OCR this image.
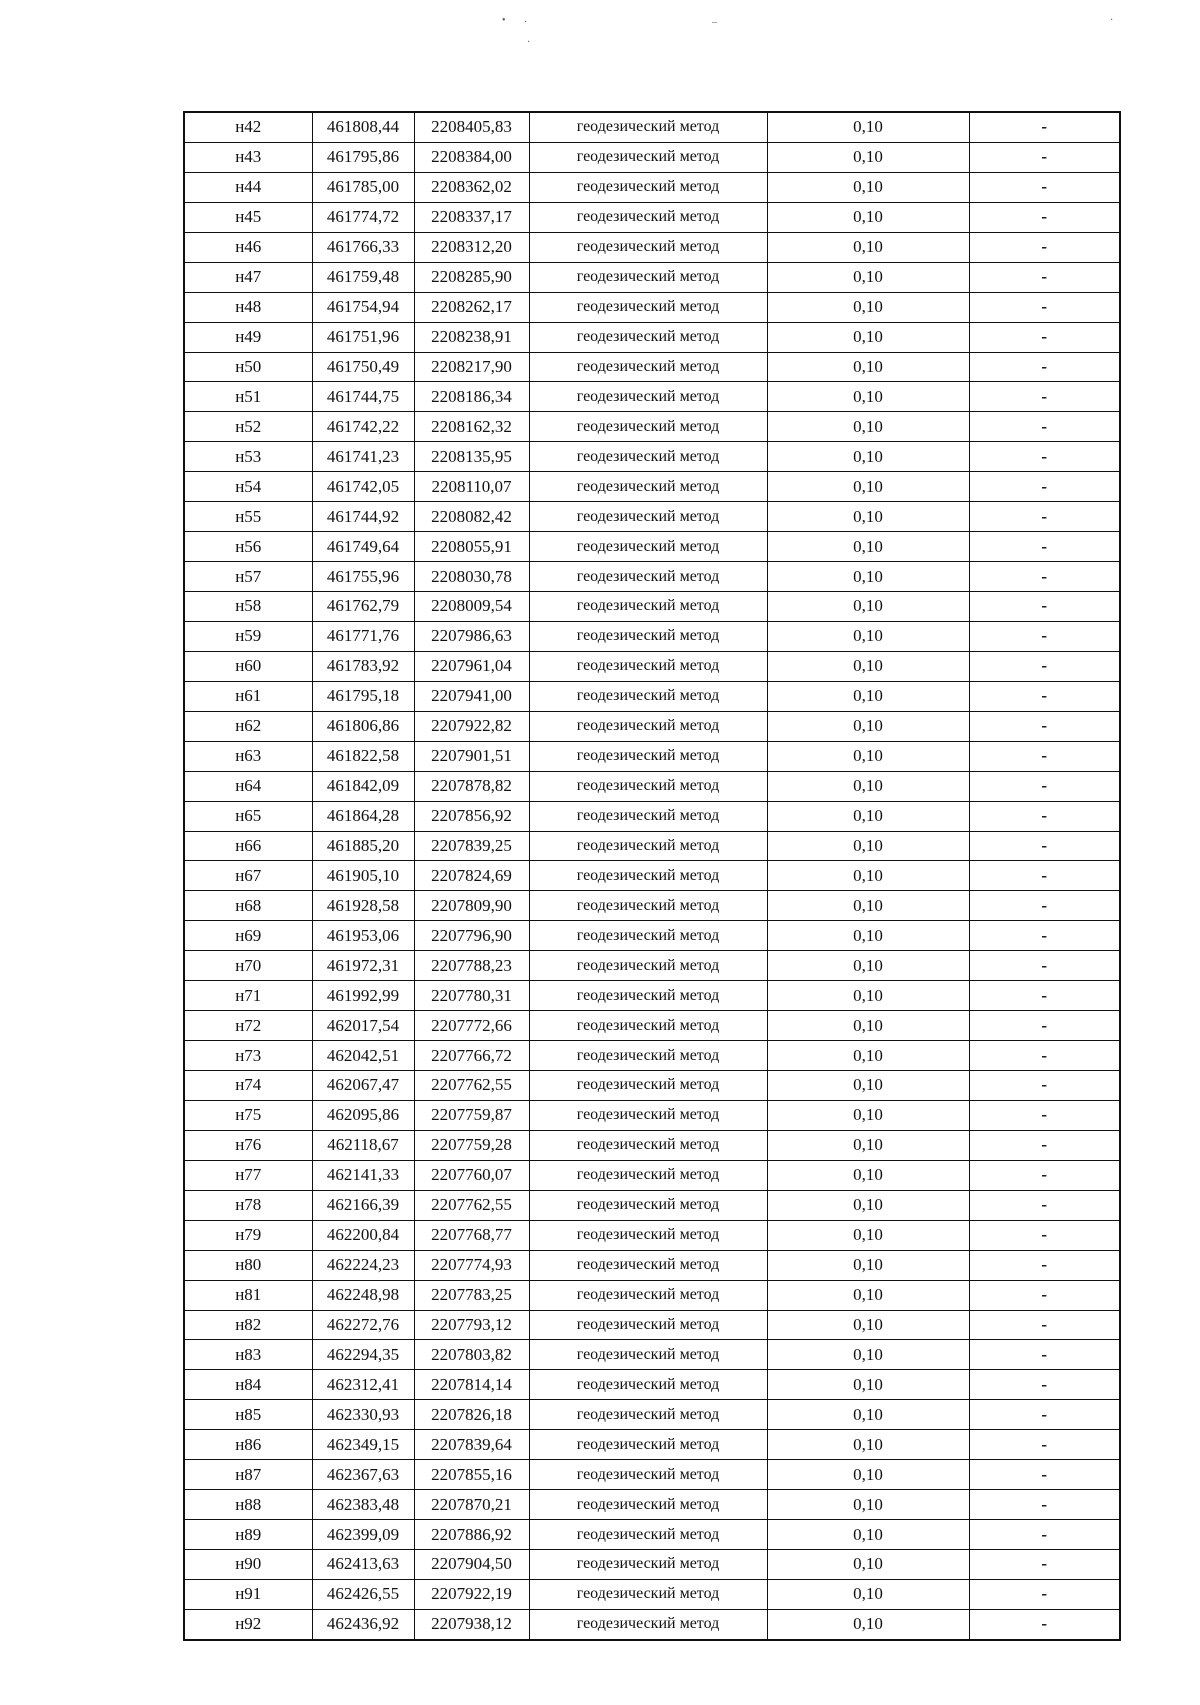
• ·
·
–	·
н42	461808,44	2208405,83	геодезический метод	0,10	-
н43	461795,86	2208384,00	геодезический метод	0,10	-
н44	461785,00	2208362,02	геодезический метод	0,10	-
н45	461774,72	2208337,17	геодезический метод	0,10	-
н46	461766,33	2208312,20	геодезический метод	0,10	-
н47	461759,48	2208285,90	геодезический метод	0,10	-
н48	461754,94	2208262,17	геодезический метод	0,10	-
н49	461751,96	2208238,91	геодезический метод	0,10	-
н50	461750,49	2208217,90	геодезический метод	0,10	-
н51	461744,75	2208186,34	геодезический метод	0,10	-
н52	461742,22	2208162,32	геодезический метод	0,10	-
н53	461741,23	2208135,95	геодезический метод	0,10	-
н54	461742,05	2208110,07	геодезический метод	0,10	-
н55	461744,92	2208082,42	геодезический метод	0,10	-
н56	461749,64	2208055,91	геодезический метод	0,10	-
н57	461755,96	2208030,78	геодезический метод	0,10	-
н58	461762,79	2208009,54	геодезический метод	0,10	-
н59	461771,76	2207986,63	геодезический метод	0,10	-
н60	461783,92	2207961,04	геодезический метод	0,10	-
н61	461795,18	2207941,00	геодезический метод	0,10	-
н62	461806,86	2207922,82	геодезический метод	0,10	-
н63	461822,58	2207901,51	геодезический метод	0,10	-
н64	461842,09	2207878,82	геодезический метод	0,10	-
н65	461864,28	2207856,92	геодезический метод	0,10	-
н66	461885,20	2207839,25	геодезический метод	0,10	-
н67	461905,10	2207824,69	геодезический метод	0,10	-
н68	461928,58	2207809,90	геодезический метод	0,10	-
н69	461953,06	2207796,90	геодезический метод	0,10	-
н70	461972,31	2207788,23	геодезический метод	0,10	-
н71	461992,99	2207780,31	геодезический метод	0,10	-
н72	462017,54	2207772,66	геодезический метод	0,10	-
н73	462042,51	2207766,72	геодезический метод	0,10	-
н74	462067,47	2207762,55	геодезический метод	0,10	-
н75	462095,86	2207759,87	геодезический метод	0,10	-
н76	462118,67	2207759,28	геодезический метод	0,10	-
н77	462141,33	2207760,07	геодезический метод	0,10	-
н78	462166,39	2207762,55	геодезический метод	0,10	-
н79	462200,84	2207768,77	геодезический метод	0,10	-
н80	462224,23	2207774,93	геодезический метод	0,10	-
н81	462248,98	2207783,25	геодезический метод	0,10	-
н82	462272,76	2207793,12	геодезический метод	0,10	-
н83	462294,35	2207803,82	геодезический метод	0,10	-
н84	462312,41	2207814,14	геодезический метод	0,10	-
н85	462330,93	2207826,18	геодезический метод	0,10	-
н86	462349,15	2207839,64	геодезический метод	0,10	-
н87	462367,63	2207855,16	геодезический метод	0,10	-
н88	462383,48	2207870,21	геодезический метод	0,10	-
н89	462399,09	2207886,92	геодезический метод	0,10	-
н90	462413,63	2207904,50	геодезический метод	0,10	-
н91	462426,55	2207922,19	геодезический метод	0,10	-
н92	462436,92	2207938,12	геодезический метод	0,10	-
